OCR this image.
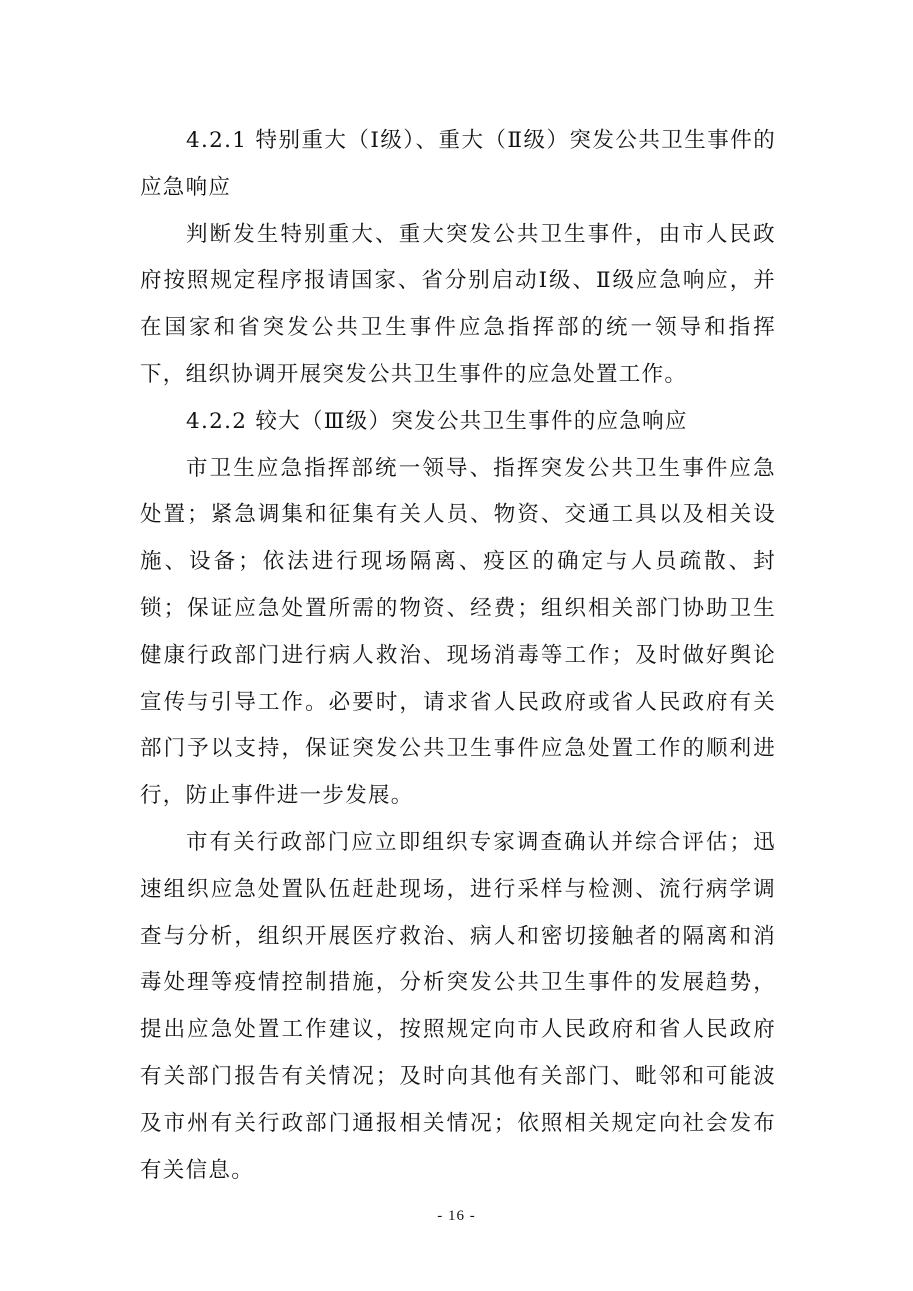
4.2.1 特别重大（Ⅰ级）、重大（Ⅱ级）突发公共卫生事件的应急响应

判断发生特别重大、重大突发公共卫生事件，由市人民政府按照规定程序报请国家、省分别启动Ⅰ级、Ⅱ级应急响应，并在国家和省突发公共卫生事件应急指挥部的统一领导和指挥下，组织协调开展突发公共卫生事件的应急处置工作。

4.2.2 较大（Ⅲ级）突发公共卫生事件的应急响应

市卫生应急指挥部统一领导、指挥突发公共卫生事件应急处置；紧急调集和征集有关人员、物资、交通工具以及相关设施、设备；依法进行现场隔离、疫区的确定与人员疏散、封锁；保证应急处置所需的物资、经费；组织相关部门协助卫生健康行政部门进行病人救治、现场消毒等工作；及时做好舆论宣传与引导工作。必要时，请求省人民政府或省人民政府有关部门予以支持，保证突发公共卫生事件应急处置工作的顺利进行，防止事件进一步发展。

市有关行政部门应立即组织专家调查确认并综合评估；迅速组织应急处置队伍赶赴现场，进行采样与检测、流行病学调查与分析，组织开展医疗救治、病人和密切接触者的隔离和消毒处理等疫情控制措施，分析突发公共卫生事件的发展趋势，提出应急处置工作建议，按照规定向市人民政府和省人民政府有关部门报告有关情况；及时向其他有关部门、毗邻和可能波及市州有关行政部门通报相关情况；依照相关规定向社会发布有关信息。

- 16 -
